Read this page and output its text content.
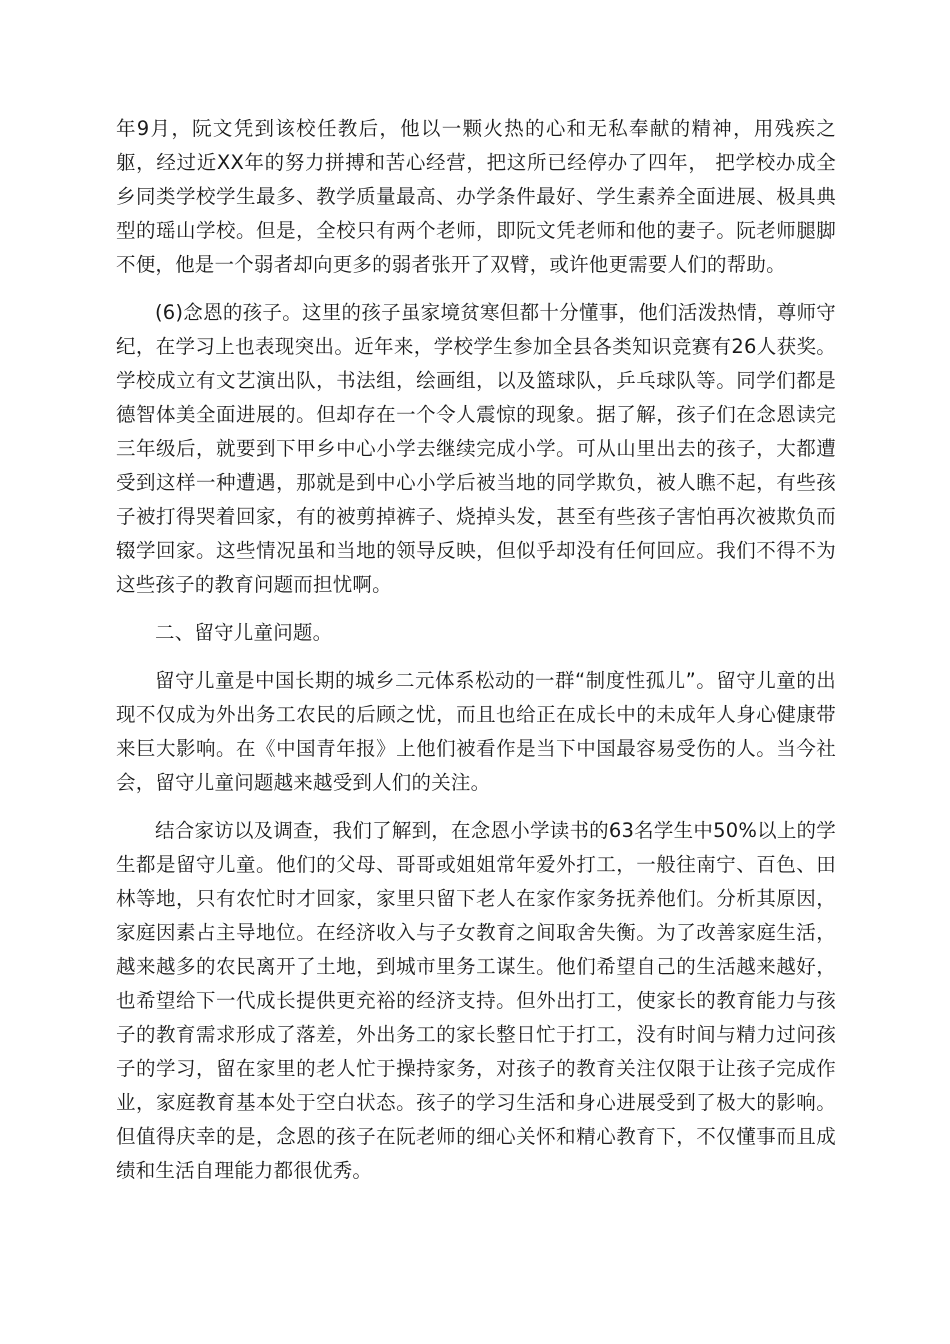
年9月，阮文凭到该校任教后，他以一颗火热的心和无私奉献的精神，用残疾之躯，经过近XX年的努力拼搏和苦心经营，把这所已经停办了四年， 把学校办成全乡同类学校学生最多、教学质量最高、办学条件最好、学生素养全面进展、极具典型的瑶山学校。但是，全校只有两个老师，即阮文凭老师和他的妻子。阮老师腿脚不便，他是一个弱者却向更多的弱者张开了双臂，或许他更需要人们的帮助。

(6)念恩的孩子。这里的孩子虽家境贫寒但都十分懂事，他们活泼热情，尊师守纪，在学习上也表现突出。近年来，学校学生参加全县各类知识竞赛有26人获奖。学校成立有文艺演出队，书法组，绘画组，以及篮球队，乒乓球队等。同学们都是德智体美全面进展的。但却存在一个令人震惊的现象。据了解，孩子们在念恩读完三年级后，就要到下甲乡中心小学去继续完成小学。可从山里出去的孩子，大都遭受到这样一种遭遇，那就是到中心小学后被当地的同学欺负，被人瞧不起，有些孩子被打得哭着回家，有的被剪掉裤子、烧掉头发，甚至有些孩子害怕再次被欺负而辍学回家。这些情况虽和当地的领导反映，但似乎却没有任何回应。我们不得不为这些孩子的教育问题而担忧啊。

二、留守儿童问题。

留守儿童是中国长期的城乡二元体系松动的一群“制度性孤儿”。留守儿童的出现不仅成为外出务工农民的后顾之忧，而且也给正在成长中的未成年人身心健康带来巨大影响。在《中国青年报》上他们被看作是当下中国最容易受伤的人。当今社会，留守儿童问题越来越受到人们的关注。

结合家访以及调查，我们了解到，在念恩小学读书的63名学生中50%以上的学生都是留守儿童。他们的父母、哥哥或姐姐常年爱外打工，一般往南宁、百色、田林等地，只有农忙时才回家，家里只留下老人在家作家务抚养他们。分析其原因，家庭因素占主导地位。在经济收入与子女教育之间取舍失衡。为了改善家庭生活，越来越多的农民离开了土地，到城市里务工谋生。他们希望自己的生活越来越好，也希望给下一代成长提供更充裕的经济支持。但外出打工，使家长的教育能力与孩子的教育需求形成了落差，外出务工的家长整日忙于打工，没有时间与精力过问孩子的学习，留在家里的老人忙于操持家务，对孩子的教育关注仅限于让孩子完成作业，家庭教育基本处于空白状态。孩子的学习生活和身心进展受到了极大的影响。但值得庆幸的是，念恩的孩子在阮老师的细心关怀和精心教育下，不仅懂事而且成绩和生活自理能力都很优秀。
